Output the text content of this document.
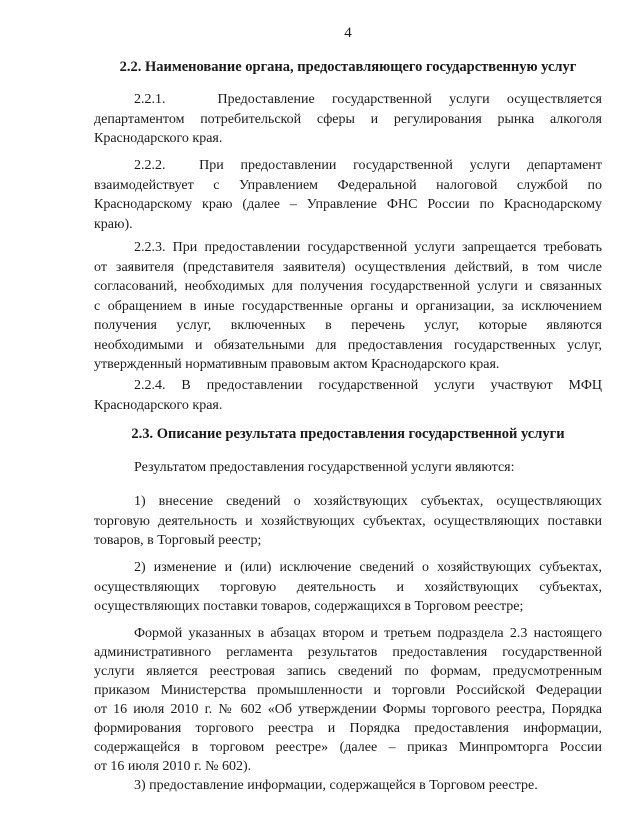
4
2.2. Наименование органа, предоставляющего государственную услуг
2.2.1.   Предоставление государственной услуги осуществляется
департаментом потребительской сферы и регулирования рынка алкоголя
Краснодарского края.
2.2.2.  При предоставлении государственной услуги департамент
взаимодействует с Управлением Федеральной налоговой службой по
Краснодарскому краю (далее – Управление ФНС России по Краснодарскому
краю).
2.2.3. При предоставлении государственной услуги запрещается требовать
от заявителя (представителя заявителя) осуществления действий, в том числе
согласований, необходимых для получения государственной услуги и связанных
с обращением в иные государственные органы и организации, за исключением
получения услуг, включенных в перечень услуг, которые являются
необходимыми и обязательными для предоставления государственных услуг,
утвержденный нормативным правовым актом Краснодарского края.
2.2.4. В предоставлении государственной услуги участвуют МФЦ
Краснодарского края.
2.3. Описание результата предоставления государственной услуги
Результатом предоставления государственной услуги являются:
1) внесение сведений о хозяйствующих субъектах, осуществляющих
торговую деятельность и хозяйствующих субъектах, осуществляющих поставки
товаров, в Торговый реестр;
2) изменение и (или) исключение сведений о хозяйствующих субъектах,
осуществляющих торговую деятельность и хозяйствующих субъектах,
осуществляющих поставки товаров, содержащихся в Торговом реестре;
Формой указанных в абзацах втором и третьем подраздела 2.3 настоящего
административного регламента результатов предоставления государственной
услуги является реестровая запись сведений по формам, предусмотренным
приказом Министерства промышленности и торговли Российской Федерации
от 16 июля 2010 г. № 602 «Об утверждении Формы торгового реестра, Порядка
формирования торгового реестра и Порядка предоставления информации,
содержащейся в торговом реестре» (далее – приказ Минпромторга России
от 16 июля 2010 г. № 602).
3) предоставление информации, содержащейся в Торговом реестре.
